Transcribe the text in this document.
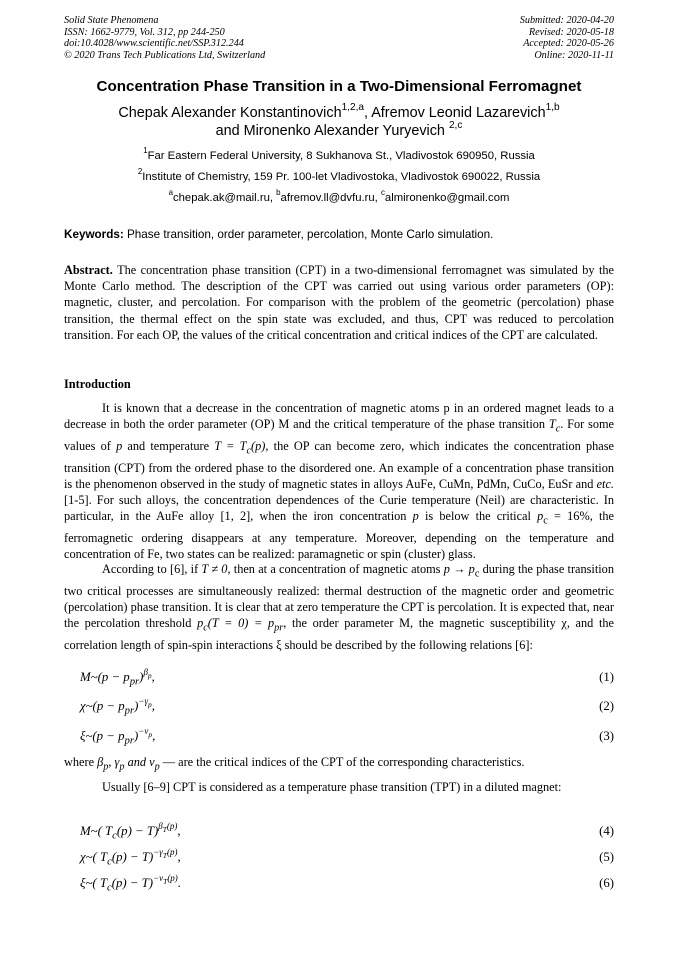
Solid State Phenomena
ISSN: 1662-9779, Vol. 312, pp 244-250
doi:10.4028/www.scientific.net/SSP.312.244
© 2020 Trans Tech Publications Ltd, Switzerland
Submitted: 2020-04-20
Revised: 2020-05-18
Accepted: 2020-05-26
Online: 2020-11-11
Concentration Phase Transition in a Two-Dimensional Ferromagnet
Chepak Alexander Konstantinovich$^{1,2,a}$, Afremov Leonid Lazarevich$^{1,b}$
and Mironenko Alexander Yuryevich $^{2,c}$
$^1$Far Eastern Federal University, 8 Sukhanova St., Vladivostok 690950, Russia
$^2$Institute of Chemistry, 159 Pr. 100-let Vladivostoka, Vladivostok 690022, Russia
$^a$chepak.ak@mail.ru, $^b$afremov.ll@dvfu.ru, $^c$almironenko@gmail.com
Keywords: Phase transition, order parameter, percolation, Monte Carlo simulation.
Abstract. The concentration phase transition (CPT) in a two-dimensional ferromagnet was simulated by the Monte Carlo method. The description of the CPT was carried out using various order parameters (OP): magnetic, cluster, and percolation. For comparison with the problem of the geometric (percolation) phase transition, the thermal effect on the spin state was excluded, and thus, CPT was reduced to percolation transition. For each OP, the values of the critical concentration and critical indices of the CPT are calculated.
Introduction
It is known that a decrease in the concentration of magnetic atoms p in an ordered magnet leads to a decrease in both the order parameter (OP) M and the critical temperature of the phase transition $T_c$. For some values of p and temperature $T = T_c(p)$, the OP can become zero, which indicates the concentration phase transition (CPT) from the ordered phase to the disordered one. An example of a concentration phase transition is the phenomenon observed in the study of magnetic states in alloys AuFe, CuMn, PdMn, CuCo, EuSr and etc. [1-5]. For such alloys, the concentration dependences of the Curie temperature (Neil) are characteristic. In particular, in the AuFe alloy [1, 2], when the iron concentration p is below the critical $p_c = 16\%$, the ferromagnetic ordering disappears at any temperature. Moreover, depending on the temperature and concentration of Fe, two states can be realized: paramagnetic or spin (cluster) glass.
According to [6], if T ≠ 0, then at a concentration of magnetic atoms $p \to p_c$ during the phase transition two critical processes are simultaneously realized: thermal destruction of the magnetic order and geometric (percolation) phase transition. It is clear that at zero temperature the CPT is percolation. It is expected that, near the percolation threshold $p_c(T = 0) = p_{pr}$, the order parameter M, the magnetic susceptibility χ, and the correlation length of spin-spin interactions ξ should be described by the following relations [6]:
M~(p − $p_{pr})^{\beta_p}$,	(1)
χ~(p − $p_{pr})^{-\gamma_p}$,	(2)
ξ~(p − $p_{pr})^{-\nu_p}$,	(3)
where $\beta_p$, $\gamma_p$ and $\nu_p$ — are the critical indices of the CPT of the corresponding characteristics.
Usually [6–9] CPT is considered as a temperature phase transition (TPT) in a diluted magnet:
M~( $T_c(p) - T)^{\beta_T(p)}$,	(4)
χ~( $T_c(p) - T)^{-\gamma_T(p)}$,	(5)
ξ~( $T_c(p) - T)^{-\nu_T(p)}$.	(6)
